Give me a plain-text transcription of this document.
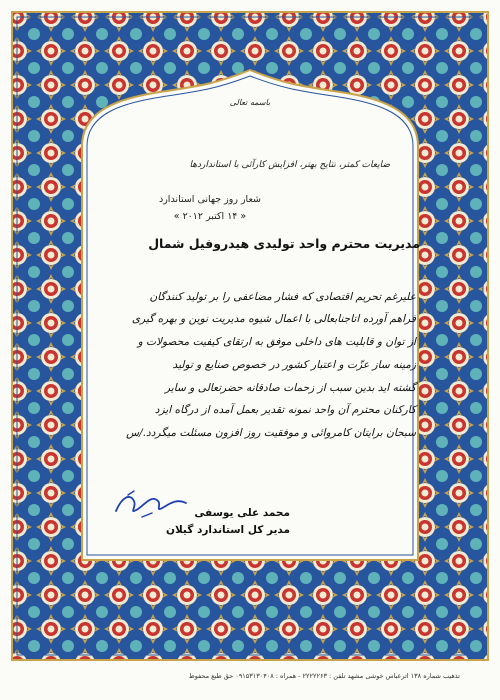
باسمه تعالی
ضایعات کمتر، نتایج بهتر، افزایش کارآئی با استانداردها
شعار روز جهانی استاندارد
« ۱۴ اکتبر ۲۰۱۲ »
مدیریت محترم واحد تولیدی هیدروفیل شمال
علیرغم تحریم اقتصادی که فشار مضاعفی را بر تولید کنندگان
فراهم آورده اتاجنابعالی با اعمال شیوه مدیریت نوین و بهره گیری
از توان و قابلیت های داخلی موفق به ارتقای کیفیت محصولات و
زمینه ساز عزّت و اعتبار کشور در خصوص صنایع و تولید
گشته اید بدین سبب از زحمات صادقانه حضرتعالی و سایر
کارکنان محترم آن واحد نمونه تقدیر بعمل آمده از درگاه ایزد
سبحان برایتان کامروائی و موفقیت روز افزون مسئلت میگردد./س
محمد علی یوسفی
مدیر کل استاندارد گیلان
تذهیب شماره ۱۳۸ اثرعباس خوشی مشهد تلفن : ۲۲۲۲۲۶۳ - همراه : ۰۹۱۵۳۱۳۰۴۰۸ حق طبع محفوظ
